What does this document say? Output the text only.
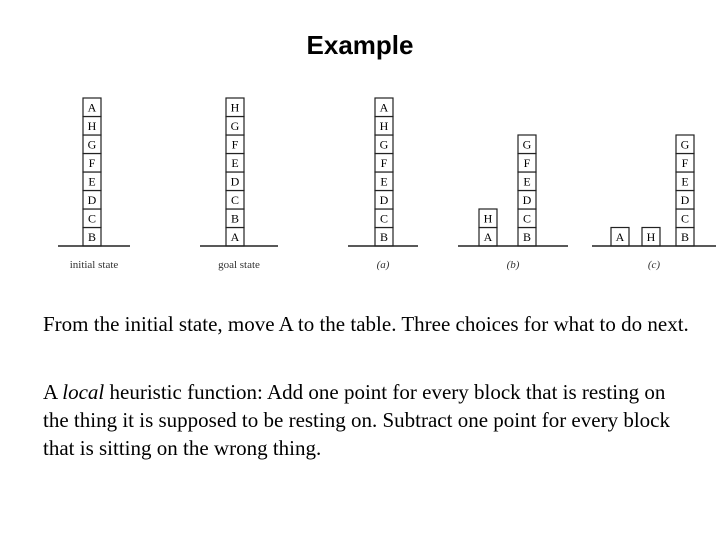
Example
B
C
D
E
F
G
H
A
initial state
A
B
C
D
E
F
G
H
goal state
B
C
D
E
F
G
H
A
(a)
A
H
B
C
D
E
F
G
(b)
A H B
C
D
E
F
G
(c)

From the initial state, move A to the table. Three choices for what to do next.

A local heuristic function: Add one point for every block that is resting on the thing it is supposed to be resting on. Subtract one point for every block that is sitting on the wrong thing.
